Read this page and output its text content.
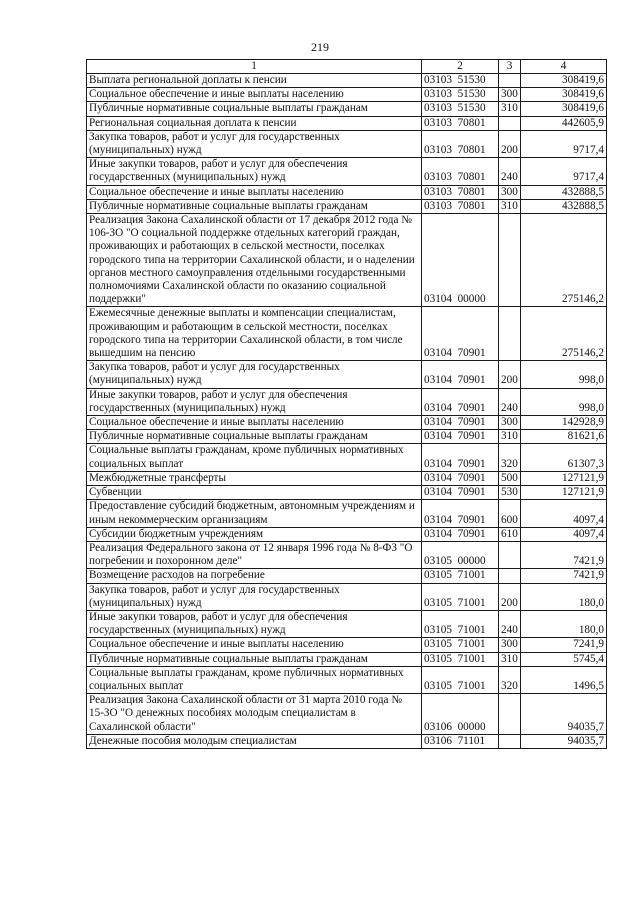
219
1	2	3	4
Выплата региональной доплаты к пенсии	03103  51530		308419,6
Социальное обеспечение и иные выплаты населению	03103  51530	300	308419,6
Публичные нормативные социальные выплаты гражданам	03103  51530	310	308419,6
Региональная социальная доплата к пенсии	03103  70801		442605,9
Закупка товаров, работ и услуг для государственных (муниципальных) нужд	03103  70801	200	9717,4
Иные закупки товаров, работ и услуг для обеспечения государственных (муниципальных) нужд	03103  70801	240	9717,4
Социальное обеспечение и иные выплаты населению	03103  70801	300	432888,5
Публичные нормативные социальные выплаты гражданам	03103  70801	310	432888,5
Реализация Закона Сахалинской области от 17 декабря 2012 года № 106-ЗО "О социальной поддержке отдельных категорий граждан, проживающих и работающих в сельской местности, поселках городского типа на территории Сахалинской области, и о наделении органов местного самоуправления отдельными государственными полномочиями Сахалинской области по оказанию социальной поддержки"	03104  00000		275146,2
Ежемесячные денежные выплаты и компенсации специалистам, проживающим и работающим в сельской местности, поселках городского типа на территории Сахалинской области, в том числе вышедшим на пенсию	03104  70901		275146,2
Закупка товаров, работ и услуг для государственных (муниципальных) нужд	03104  70901	200	998,0
Иные закупки товаров, работ и услуг для обеспечения государственных (муниципальных) нужд	03104  70901	240	998,0
Социальное обеспечение и иные выплаты населению	03104  70901	300	142928,9
Публичные нормативные социальные выплаты гражданам	03104  70901	310	81621,6
Социальные выплаты гражданам, кроме публичных нормативных социальных выплат	03104  70901	320	61307,3
Межбюджетные трансферты	03104  70901	500	127121,9
Субвенции	03104  70901	530	127121,9
Предоставление субсидий бюджетным, автономным учреждениям и иным некоммерческим организациям	03104  70901	600	4097,4
Субсидии бюджетным учреждениям	03104  70901	610	4097,4
Реализация Федерального закона от 12 января 1996 года № 8-ФЗ "О погребении и похоронном деле"	03105  00000		7421,9
Возмещение расходов на погребение	03105  71001		7421,9
Закупка товаров, работ и услуг для государственных (муниципальных) нужд	03105  71001	200	180,0
Иные закупки товаров, работ и услуг для обеспечения государственных (муниципальных) нужд	03105  71001	240	180,0
Социальное обеспечение и иные выплаты населению	03105  71001	300	7241,9
Публичные нормативные социальные выплаты гражданам	03105  71001	310	5745,4
Социальные выплаты гражданам, кроме публичных нормативных социальных выплат	03105  71001	320	1496,5
Реализация Закона Сахалинской области от 31 марта 2010 года № 15-ЗО "О денежных пособиях молодым специалистам в Сахалинской области"	03106  00000		94035,7
Денежные пособия молодым специалистам	03106  71101		94035,7
